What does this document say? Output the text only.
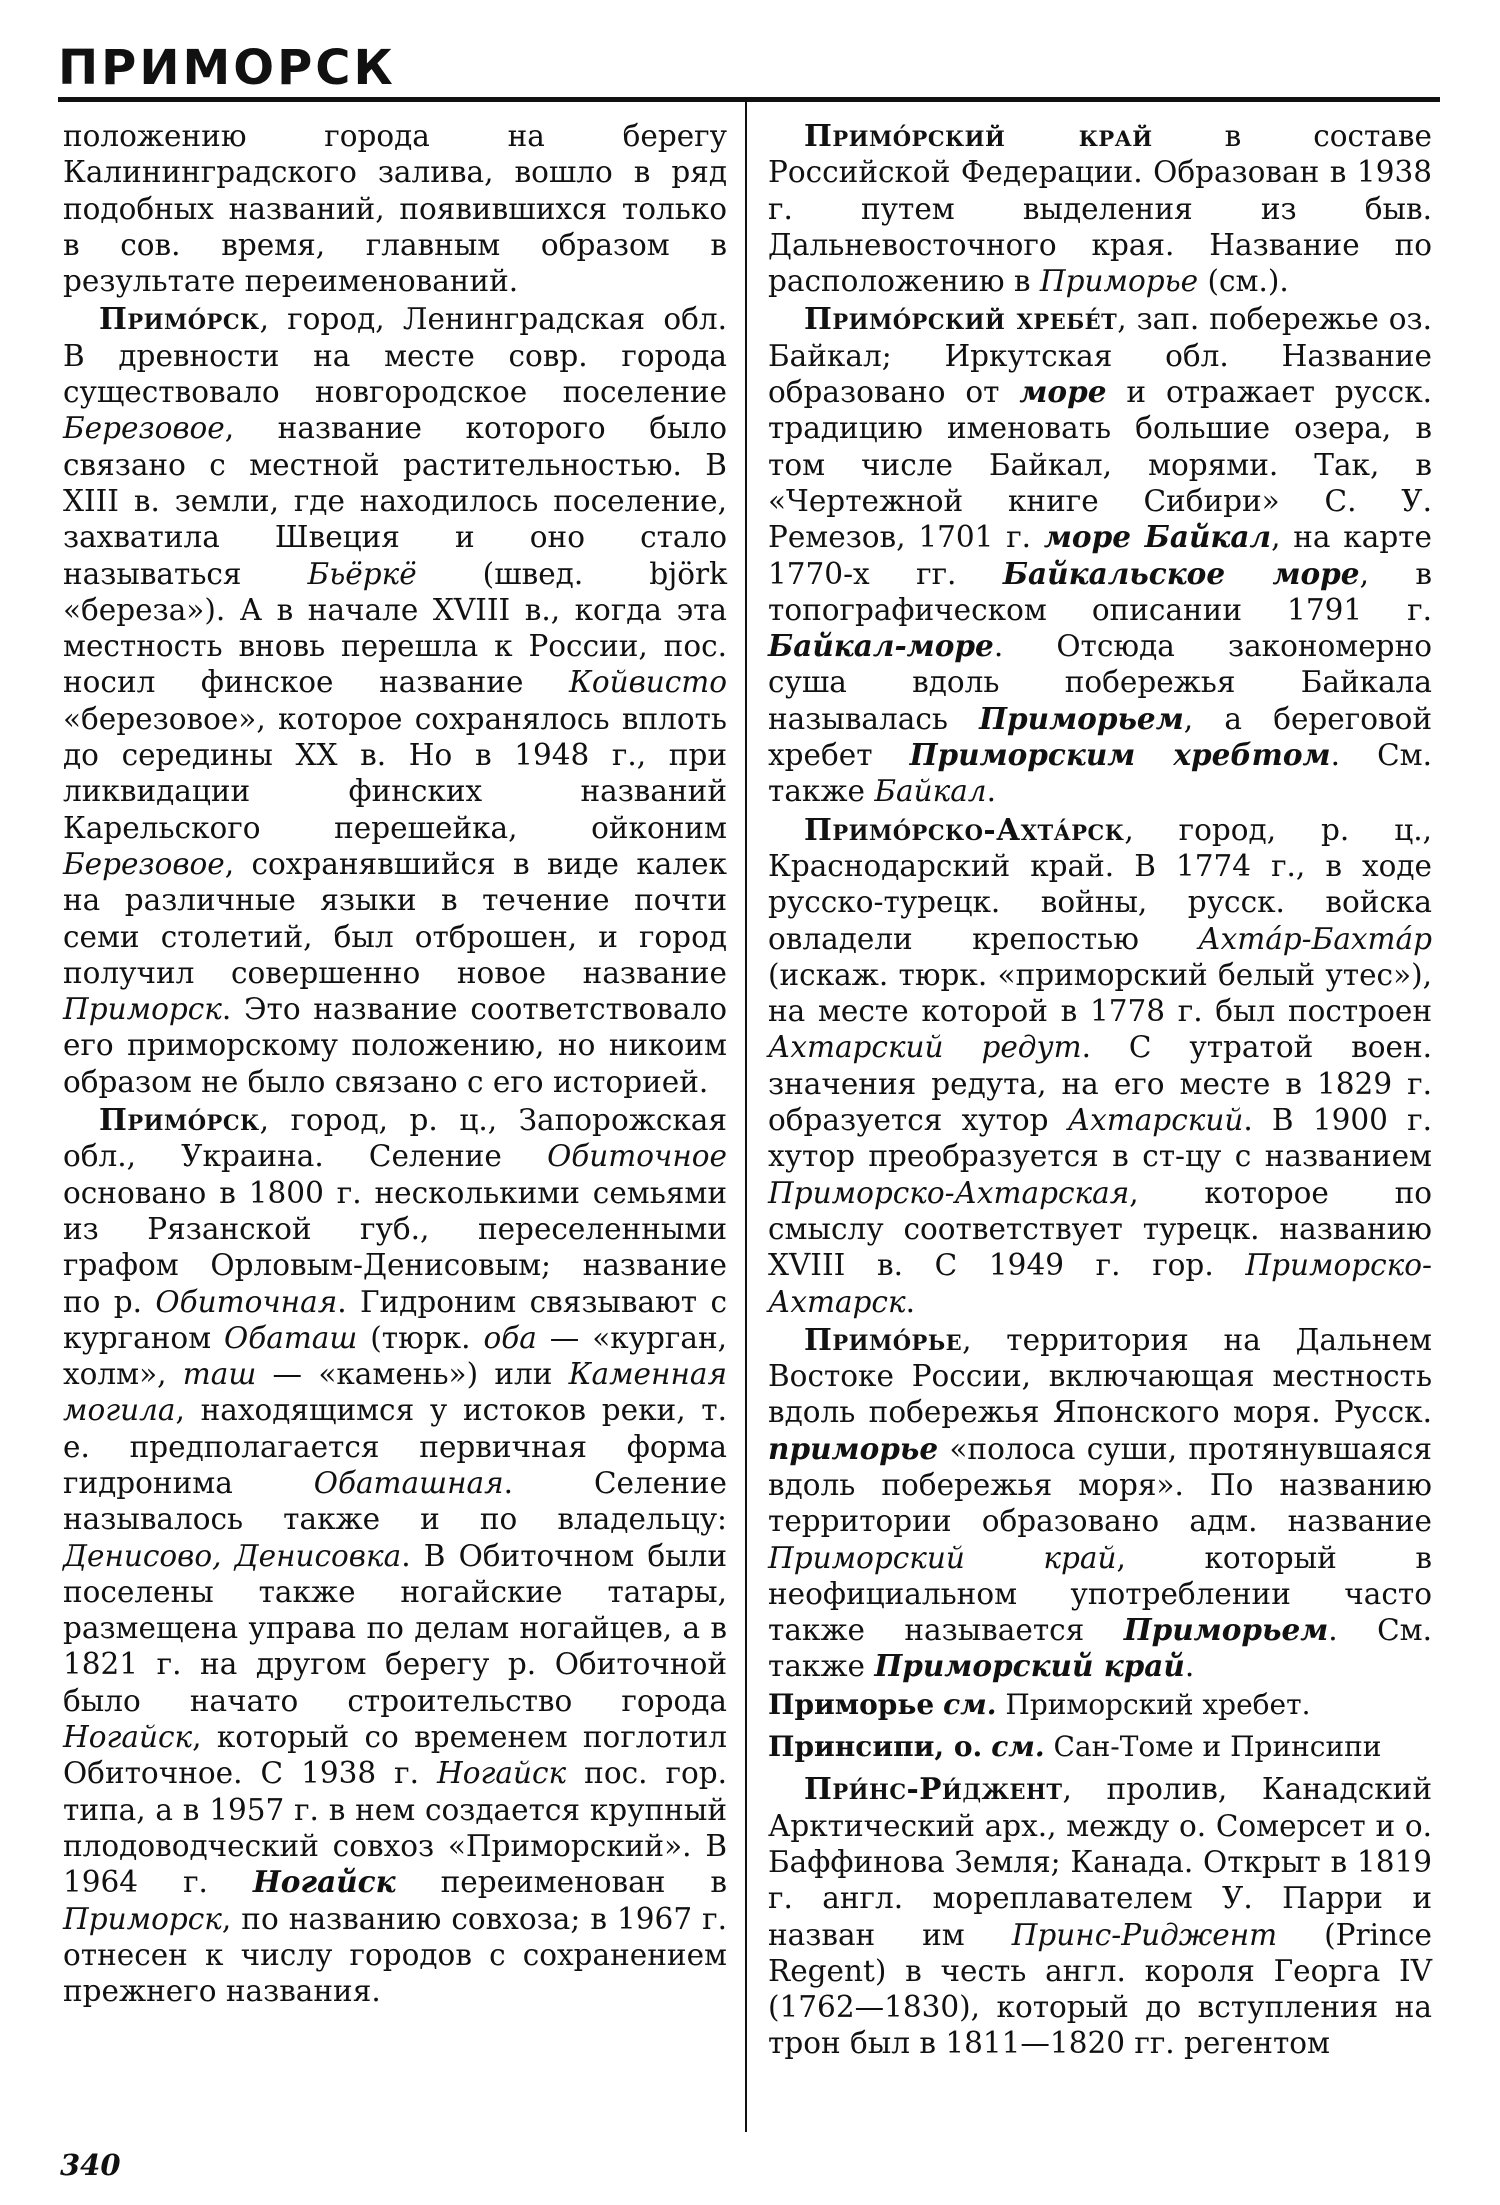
ПРИМОРСК

положению города на берегу Калининградского залива, вошло в ряд подобных названий, появившихся только в сов. время, главным образом в результате переименований.

Примо́рск, город, Ленинградская обл. В древности на месте совр. города существовало новгородское поселение Березовое, название которого было связано с местной растительностью. В XIII в. земли, где находилось поселение, захватила Швеция и оно стало называться Бьёркё (швед. björk «береза»). А в начале XVIII в., когда эта местность вновь перешла к России, пос. носил финское название Койвисто «березовое», которое сохранялось вплоть до середины XX в. Но в 1948 г., при ликвидации финских названий Карельского перешейка, ойконим Березовое, сохранявшийся в виде калек на различные языки в течение почти семи столетий, был отброшен, и город получил совершенно новое название Приморск. Это название соответствовало его приморскому положению, но никоим образом не было связано с его историей.

Примо́рск, город, р. ц., Запорожская обл., Украина. Селение Обиточное основано в 1800 г. несколькими семьями из Рязанской губ., переселенными графом Орловым-Денисовым; название по р. Обиточная. Гидроним связывают с курганом Обаташ (тюрк. оба — «курган, холм», таш — «камень») или Каменная могила, находящимся у истоков реки, т. е. предполагается первичная форма гидронима Обаташная. Селение называлось также и по владельцу: Денисово, Денисовка. В Обиточном были поселены также ногайские татары, размещена управа по делам ногайцев, а в 1821 г. на другом берегу р. Обиточной было начато строительство города Ногайск, который со временем поглотил Обиточное. С 1938 г. Ногайск пос. гор. типа, а в 1957 г. в нем создается крупный плодоводческий совхоз «Приморский». В 1964 г. Ногайск переименован в Приморск, по названию совхоза; в 1967 г. отнесен к числу городов с сохранением прежнего названия.

Примо́рский край в составе Российской Федерации. Образован в 1938 г. путем выделения из быв. Дальневосточного края. Название по расположению в Приморье (см.).

Примо́рский хребе́т, зап. побережье оз. Байкал; Иркутская обл. Название образовано от море и отражает русск. традицию именовать большие озера, в том числе Байкал, морями. Так, в «Чертежной книге Сибири» С. У. Ремезов, 1701 г. море Байкал, на карте 1770-х гг. Байкальское море, в топографическом описании 1791 г. Байкал-море. Отсюда закономерно суша вдоль побережья Байкала называлась Приморьем, а береговой хребет Приморским хребтом. См. также Байкал.

Примо́рско-Ахта́рск, город, р. ц., Краснодарский край. В 1774 г., в ходе русско-турецк. войны, русск. войска овладели крепостью Ахта́р-Бахта́р (искаж. тюрк. «приморский белый утес»), на месте которой в 1778 г. был построен Ахтарский редут. С утратой воен. значения редута, на его месте в 1829 г. образуется хутор Ахтарский. В 1900 г. хутор преобразуется в ст-цу с названием Приморско-Ахтарская, которое по смыслу соответствует турецк. названию XVIII в. С 1949 г. гор. Приморско-Ахтарск.

Примо́рье, территория на Дальнем Востоке России, включающая местность вдоль побережья Японского моря. Русск. приморье «полоса суши, протянувшаяся вдоль побережья моря». По названию территории образовано адм. название Приморский край, который в неофициальном употреблении часто также называется Приморьем. См. также Приморский край.

Приморье см. Приморский хребет.

Принсипи, о. см. Сан-Томе и Принсипи

При́нс-Ри́джент, пролив, Канадский Арктический арх., между о. Сомерсет и о. Баффинова Земля; Канада. Открыт в 1819 г. англ. мореплавателем У. Парри и назван им Принс-Риджент (Prince Regent) в честь англ. короля Георга IV (1762—1830), который до вступления на трон был в 1811—1820 гг. регентом

340
